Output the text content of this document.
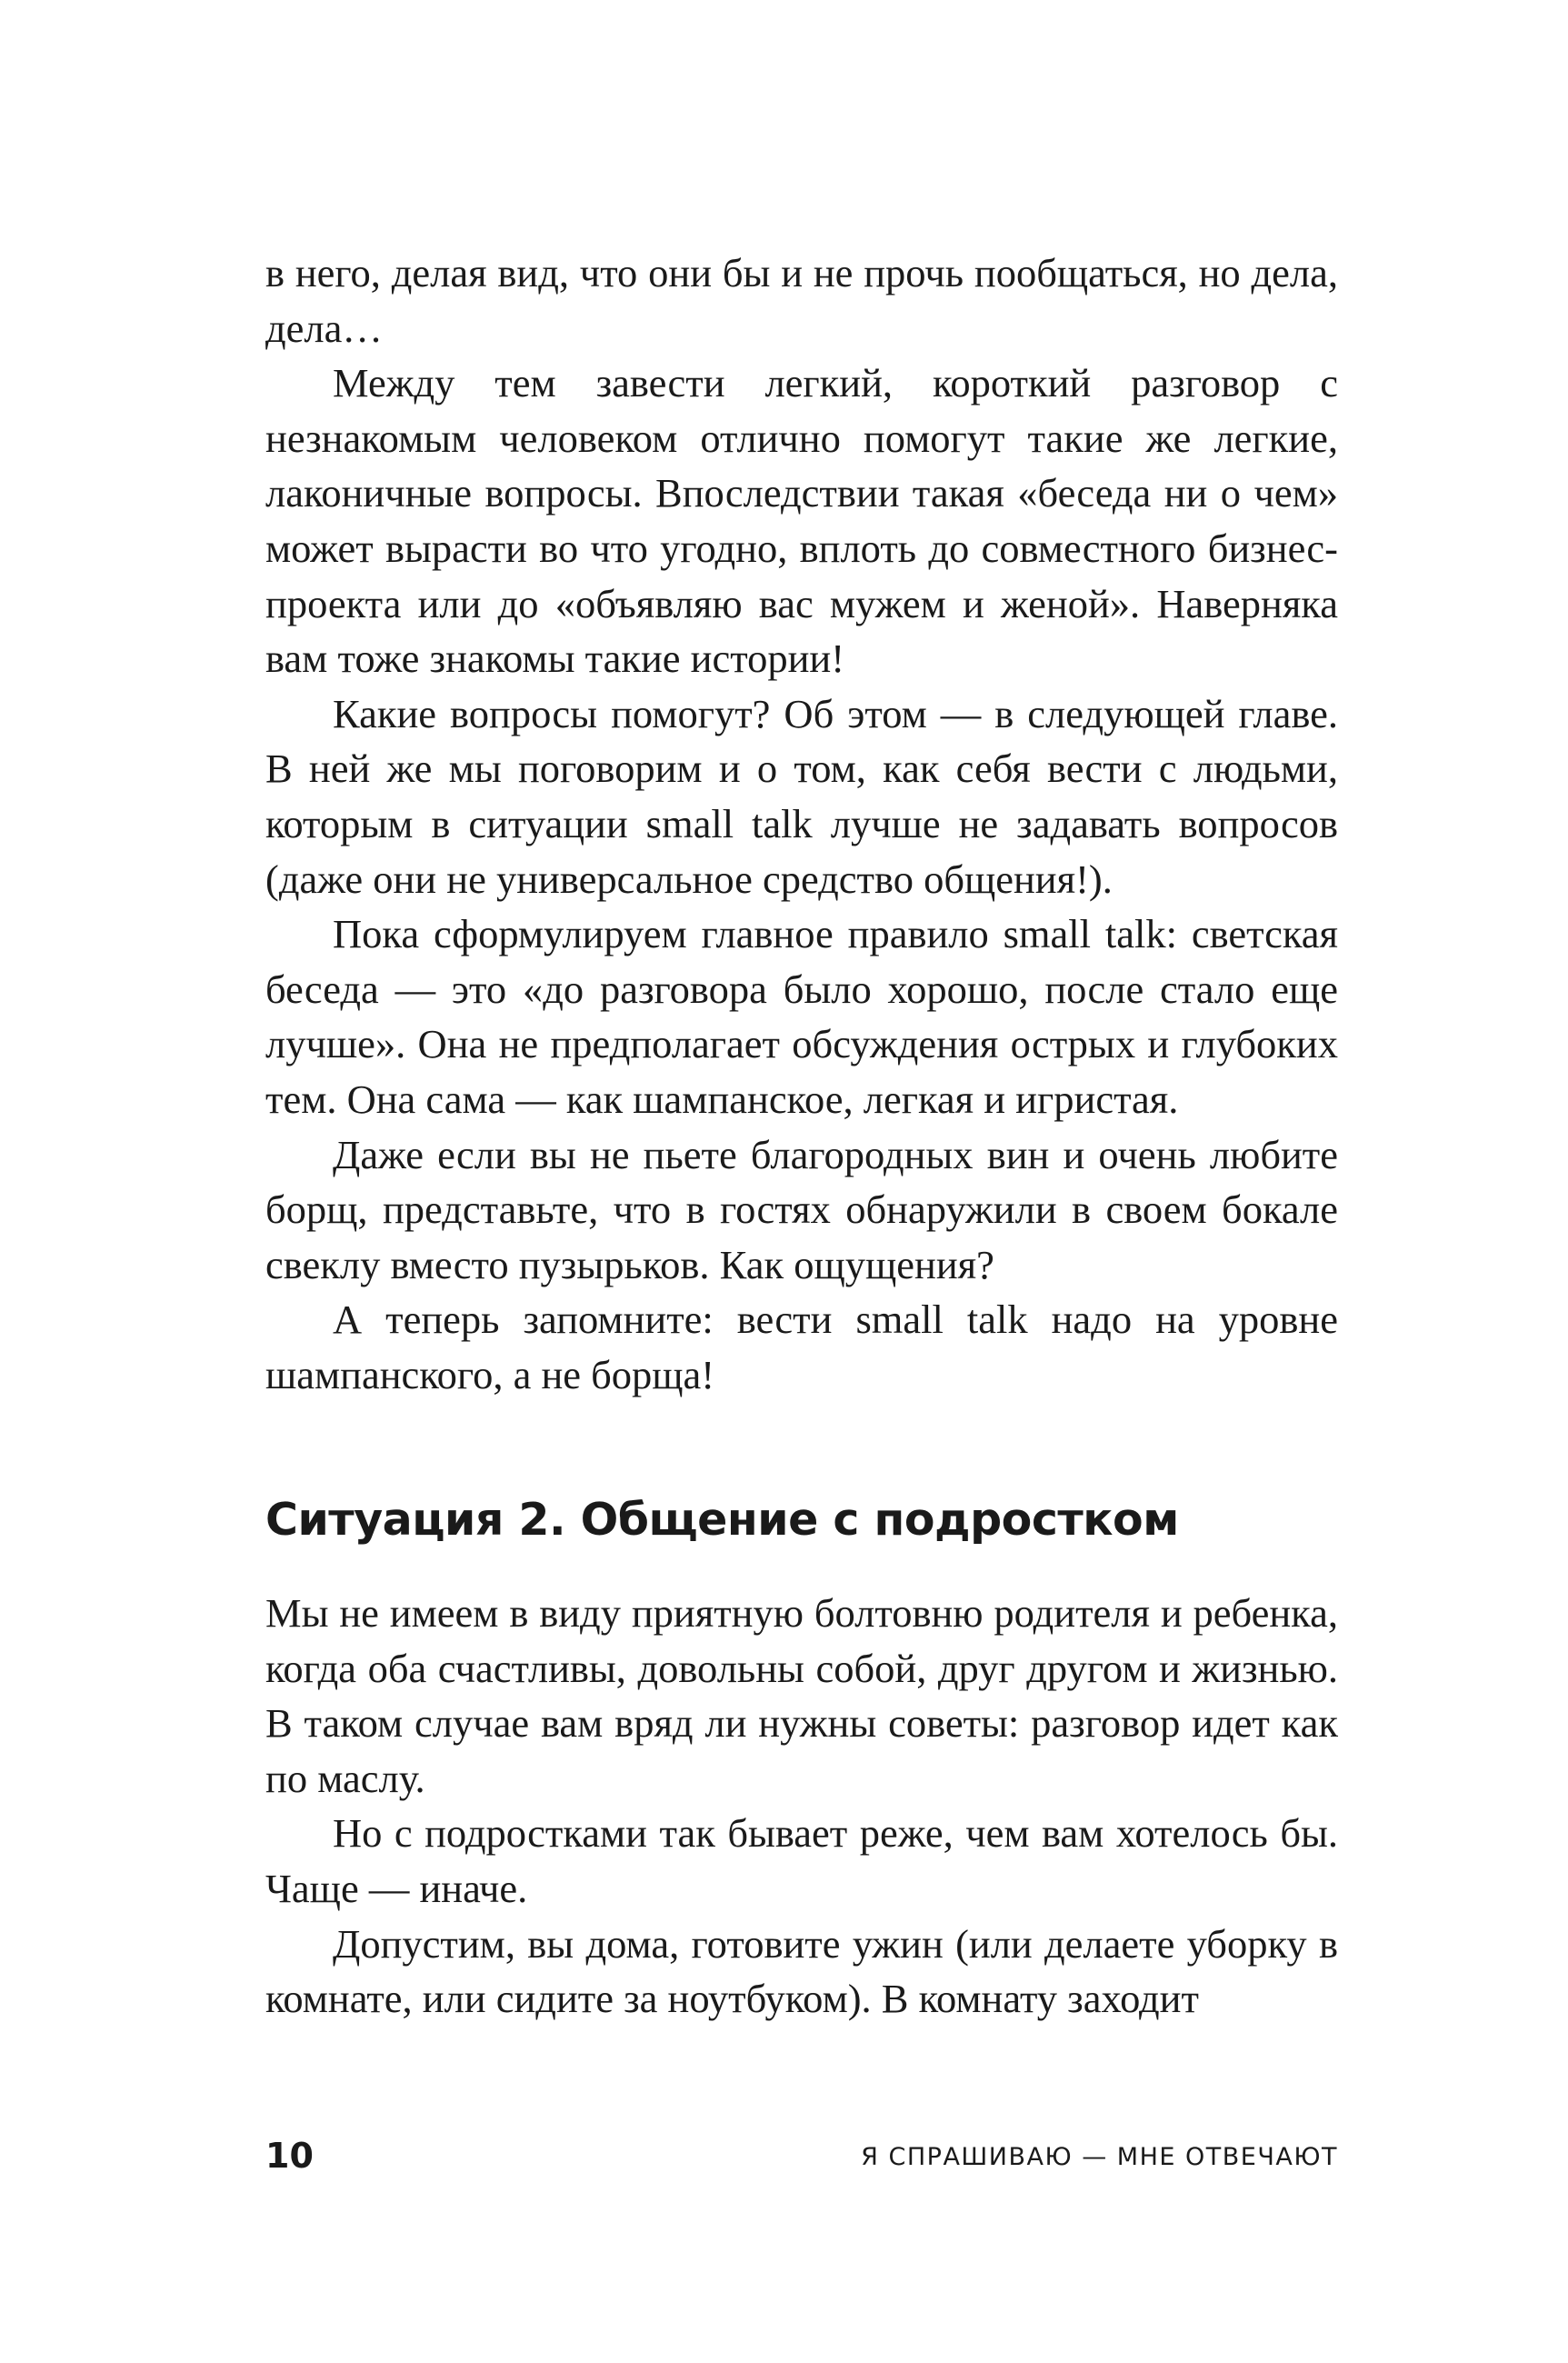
в него, делая вид, что они бы и не прочь пообщаться, но дела, дела…

Между тем завести легкий, короткий разговор с незнакомым человеком отлично помогут такие же легкие, лаконичные вопросы. Впоследствии такая «беседа ни о чем» может вырасти во что угодно, вплоть до совместного бизнес-проекта или до «объявляю вас мужем и женой». Наверняка вам тоже знакомы такие истории!

Какие вопросы помогут? Об этом — в следующей главе. В ней же мы поговорим и о том, как себя вести с людьми, которым в ситуации small talk лучше не задавать вопросов (даже они не универсальное средство общения!).

Пока сформулируем главное правило small talk: светская беседа — это «до разговора было хорошо, после стало еще лучше». Она не предполагает обсуждения острых и глубоких тем. Она сама — как шампанское, легкая и игристая.

Даже если вы не пьете благородных вин и очень любите борщ, представьте, что в гостях обнаружили в своем бокале свеклу вместо пузырьков. Как ощущения?

А теперь запомните: вести small talk надо на уровне шампанского, а не борща!

Ситуация 2. Общение с подростком

Мы не имеем в виду приятную болтовню родителя и ребенка, когда оба счастливы, довольны собой, друг другом и жизнью. В таком случае вам вряд ли нужны советы: разговор идет как по маслу.

Но с подростками так бывает реже, чем вам хотелось бы. Чаще — иначе.

Допустим, вы дома, готовите ужин (или делаете уборку в комнате, или сидите за ноутбуком). В комнату заходит

10	Я СПРАШИВАЮ — МНЕ ОТВЕЧАЮТ
